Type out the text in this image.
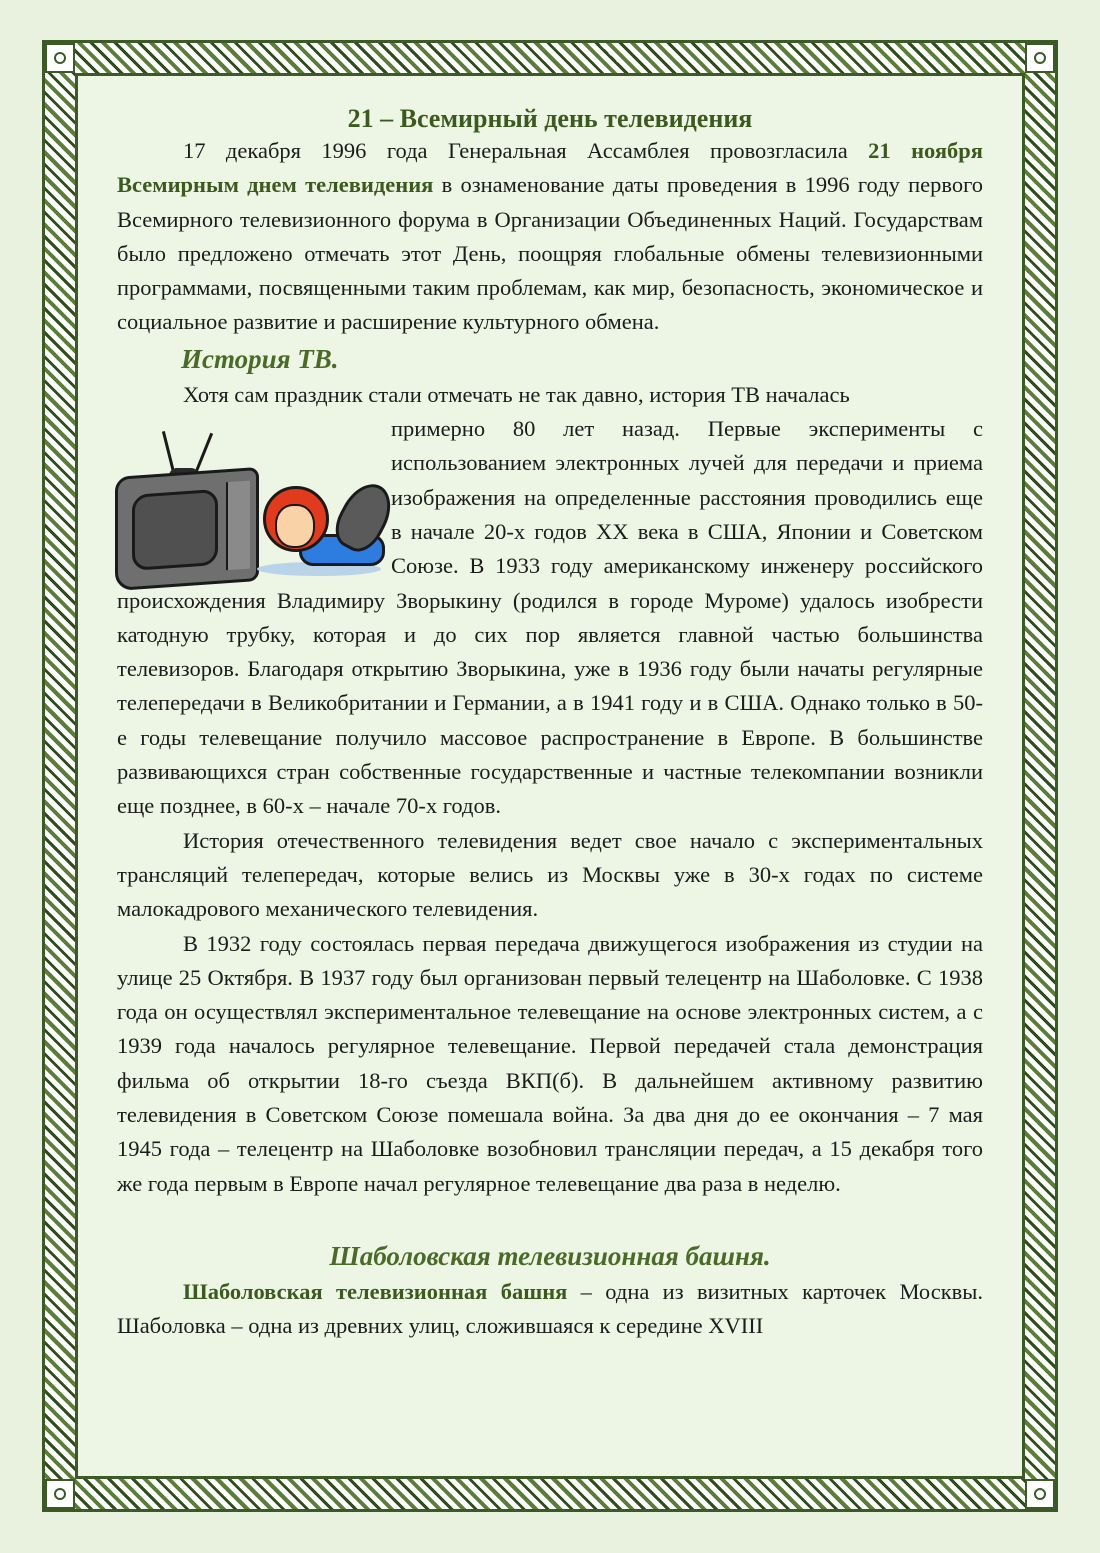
21 – Всемирный день телевидения

17 декабря 1996 года Генеральная Ассамблея провозгласила 21 ноября Всемирным днем телевидения в ознаменование даты проведения в 1996 году первого Всемирного телевизионного форума в Организации Объединенных Наций. Государствам было предложено отмечать этот День, поощряя глобальные обмены телевизионными программами, посвященными таким проблемам, как мир, безопасность, экономическое и социальное развитие и расширение культурного обмена.

История ТВ.

Хотя сам праздник стали отмечать не так давно, история ТВ началась

примерно 80 лет назад. Первые эксперименты с использованием электронных лучей для передачи и приема изображения на определенные расстояния проводились еще в начале 20-х годов XX века в США, Японии и Советском Союзе. В 1933 году американскому инженеру российского происхождения Владимиру Зворыкину (родился в городе Муроме) удалось изобрести катодную трубку, которая и до сих пор является главной частью большинства телевизоров. Благодаря открытию Зворыкина, уже в 1936 году были начаты регулярные телепередачи в Великобритании и Германии, а в 1941 году и в США. Однако только в 50-е годы телевещание получило массовое распространение в Европе. В большинстве развивающихся стран собственные государственные и частные телекомпании возникли еще позднее, в 60-х – начале 70-х годов.

История отечественного телевидения ведет свое начало с экспериментальных трансляций телепередач, которые велись из Москвы уже в 30-х годах по системе малокадрового механического телевидения.

В 1932 году состоялась первая передача движущегося изображения из студии на улице 25 Октября. В 1937 году был организован первый телецентр на Шаболовке. С 1938 года он осуществлял экспериментальное телевещание на основе электронных систем, а с 1939 года началось регулярное телевещание. Первой передачей стала демонстрация фильма об открытии 18-го съезда ВКП(б). В дальнейшем активному развитию телевидения в Советском Союзе помешала война. За два дня до ее окончания – 7 мая 1945 года – телецентр на Шаболовке возобновил трансляции передач, а 15 декабря того же года первым в Европе начал регулярное телевещание два раза в неделю.

Шаболовская телевизионная башня.

Шаболовская телевизионная башня – одна из визитных карточек Москвы. Шаболовка – одна из древних улиц, сложившаяся к середине XVIII
